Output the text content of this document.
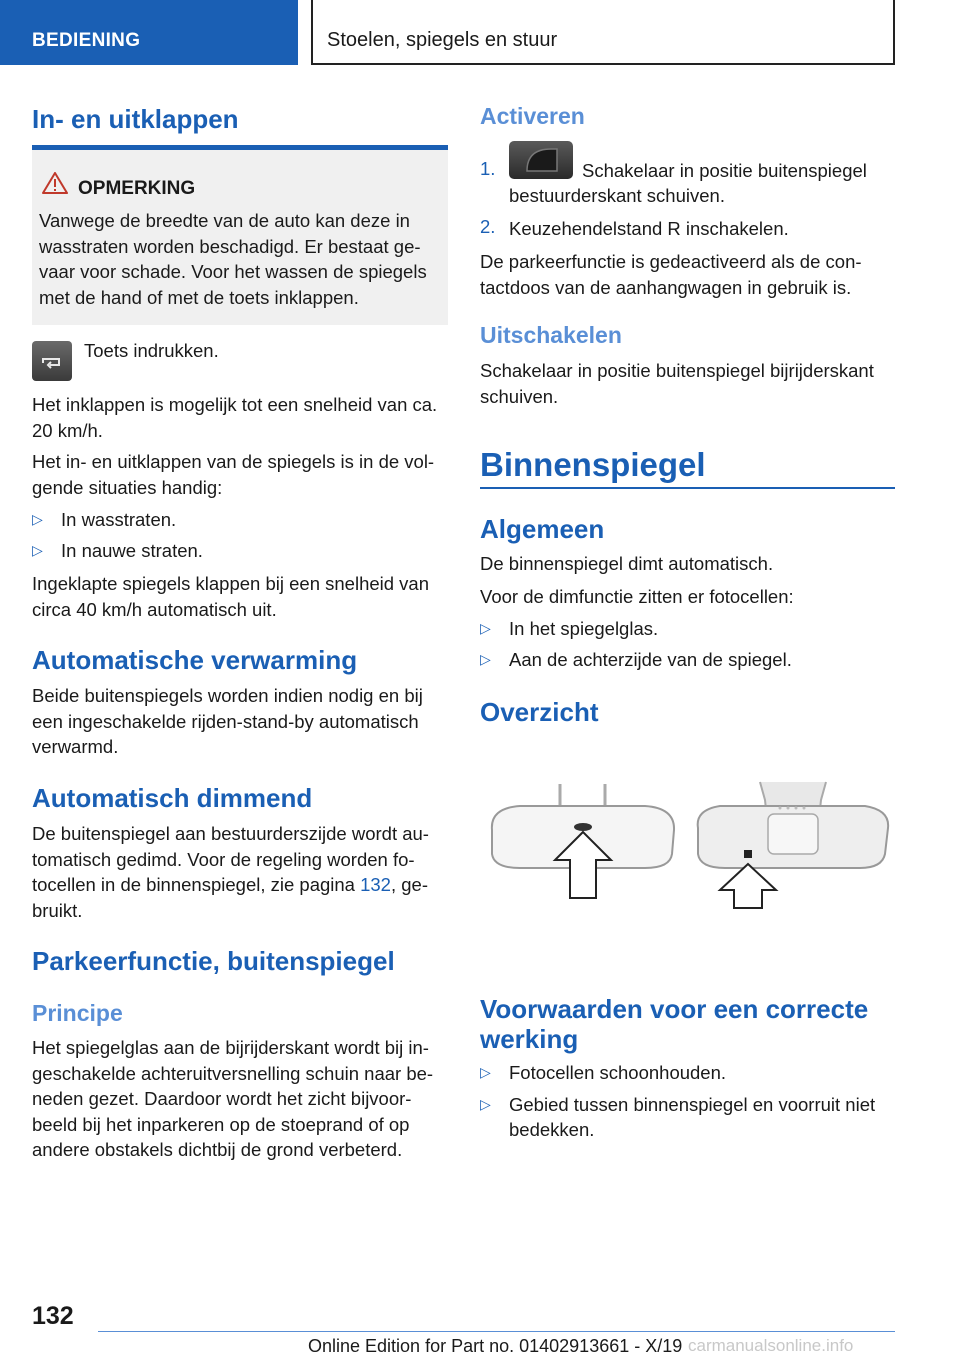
BEDIENING	Stoelen, spiegels en stuur
In- en uitklappen
OPMERKING
Vanwege de breedte van de auto kan deze in
wasstraten worden beschadigd. Er bestaat ge-
vaar voor schade. Voor het wassen de spiegels
met de hand of met de toets inklappen.
Toets indrukken.
Het inklappen is mogelijk tot een snelheid van ca.
20 km/h.
Het in- en uitklappen van de spiegels is in de vol-
gende situaties handig:
▷ In wasstraten.
▷ In nauwe straten.
Ingeklapte spiegels klappen bij een snelheid van
circa 40 km/h automatisch uit.
Automatische verwarming
Beide buitenspiegels worden indien nodig en bij
een ingeschakelde rijden-stand-by automatisch
verwarmd.
Automatisch dimmend
De buitenspiegel aan bestuurderszijde wordt au-
tomatisch gedimd. Voor de regeling worden fo-
tocellen in de binnenspiegel, zie pagina 132, ge-
bruikt.
Parkeerfunctie, buitenspiegel
Principe
Het spiegelglas aan de bijrijderskant wordt bij in-
geschakelde achteruitversnelling schuin naar be-
neden gezet. Daardoor wordt het zicht bijvoor-
beeld bij het inparkeren op de stoeprand of op
andere obstakels dichtbij de grond verbeterd.
Activeren
1.	Schakelaar in positie buitenspiegel
bestuurderskant schuiven.
2. Keuzehendelstand R inschakelen.
De parkeerfunctie is gedeactiveerd als de con-
tactdoos van de aanhangwagen in gebruik is.
Uitschakelen
Schakelaar in positie buitenspiegel bijrijderskant
schuiven.
Binnenspiegel
Algemeen
De binnenspiegel dimt automatisch.
Voor de dimfunctie zitten er fotocellen:
▷ In het spiegelglas.
▷ Aan de achterzijde van de spiegel.
Overzicht
Voorwaarden voor een correcte
werking
▷ Fotocellen schoonhouden.
▷ Gebied tussen binnenspiegel en voorruit niet
bedekken.
132
Online Edition for Part no. 01402913661 - X/19 carmanualsonline.info
